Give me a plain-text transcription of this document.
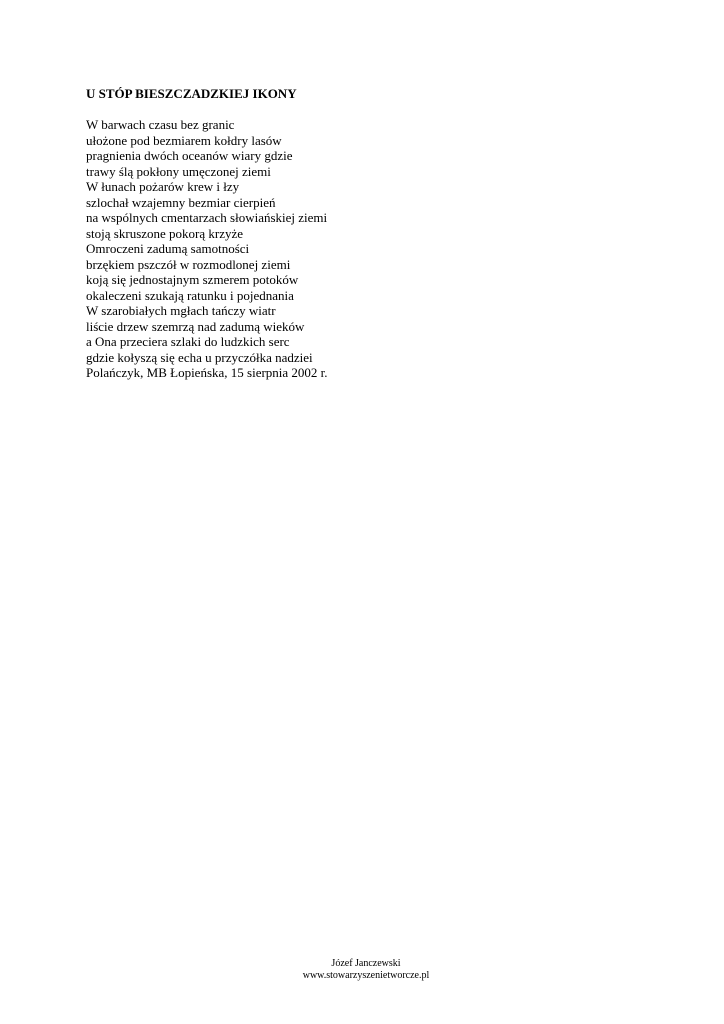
U STÓP BIESZCZADZKIEJ IKONY
W barwach czasu bez granic
ułożone pod bezmiarem kołdry lasów
pragnienia dwóch oceanów wiary gdzie
trawy ślą pokłony umęczonej ziemi
W łunach pożarów krew i łzy
szlochał wzajemny bezmiar cierpień
na wspólnych cmentarzach słowiańskiej ziemi
stoją skruszone pokorą krzyże
Omroczeni zadumą samotności
brzękiem pszczół w rozmodlonej ziemi
koją się jednostajnym szmerem potoków
okaleczeni szukają ratunku i pojednania
W szarobiałych mgłach tańczy wiatr
liście drzew szemrzą nad zadumą wieków
a Ona przeciera szlaki do ludzkich serc
gdzie kołyszą się echa u przyczółka nadziei
Polańczyk, MB Łopieńska, 15 sierpnia 2002 r.
Józef Janczewski
www.stowarzyszenietworcze.pl
